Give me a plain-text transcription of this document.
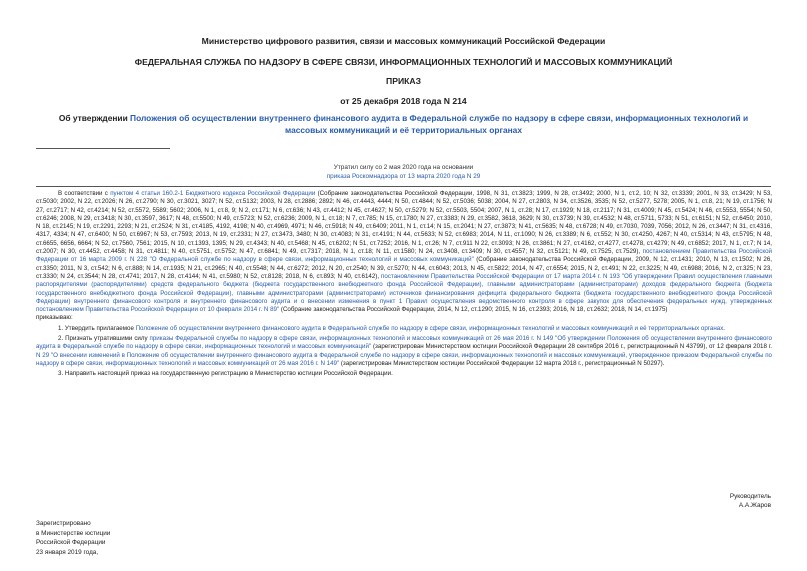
Министерство цифрового развития, связи и массовых коммуникаций Российской Федерации
ФЕДЕРАЛЬНАЯ СЛУЖБА ПО НАДЗОРУ В СФЕРЕ СВЯЗИ, ИНФОРМАЦИОННЫХ ТЕХНОЛОГИЙ И МАССОВЫХ КОММУНИКАЦИЙ
ПРИКАЗ
от 25 декабря 2018 года N 214
Об утверждении Положения об осуществлении внутреннего финансового аудита в Федеральной службе по надзору в сфере связи, информационных технологий и массовых коммуникаций и её территориальных органах
Утратил силу со 2 мая 2020 года на основании
приказа Роскомнадзора от 13 марта 2020 года N 29

В соответствии с пунктом 4 статьи 160.2-1 Бюджетного кодекса Российской Федерации (Собрание законодательства Российской Федерации, 1998, N 31, ст.3823; 1999, N 28, ст.3492; 2000, N 1, ст.2, 10; N 32, ст.3339; 2001, N 33, ст.3429; N 53, ст.5030; 2002, N 22, ст.2026; N 26, ст.2790; N 30, ст.3021, 3027; N 52, ст.5132; 2003, N 28, ст.2886; 2892; N 46, ст.4443, 4444; N 50, ст.4844; N 52, ст.5036; 5038; 2004, N 27, ст.2803, N 34, ст.3526, 3535; N 52, ст.5277, 5278; 2005, N 1, ст.8, 21; N 19, ст.1756; N 27, ст.2717; N 42, ст.4214; N 52, ст.5572, 5589; 5602; 2006, N 1, ст.8, 9; N 2, ст.171; N 6, ст.636; N 43, ст.4412; N 45, ст.4627; N 50, ст.5279; N 52, ст.5503, 5504; 2007, N 1, ст.28; N 17, ст.1929; N 18, ст.2117; N 31, ст.4009; N 45, ст.5424; N 46, ст.5553, 5554; N 50, ст.6246; 2008, N 29, ст.3418; N 30, ст.3597, 3617; N 48, ст.5500; N 49, ст.5723; N 52, ст.6236; 2009, N 1, ст.18; N 7, ст.785; N 15, ст.1780; N 27, ст.3383; N 29, ст.3582, 3618, 3629; N 30, ст.3739; N 39, ст.4532; N 48, ст.5711, 5733; N 51, ст.6151; N 52, ст.6450; 2010, N 18, ст.2145; N 19, ст.2291, 2293; N 21, ст.2524; N 31, ст.4185, 4192, 4198; N 40, ст.4969, 4971; N 46, ст.5918; N 49, ст.6409; 2011, N 1, ст.14; N 15, ст.2041; N 27, ст.3873; N 41, ст.5635; N 48, ст.6728; N 49, ст.7030, 7039, 7056; 2012, N 26, ст.3447; N 31, ст.4316, 4317, 4334; N 47, ст.6400; N 50, ст.6967; N 53, ст.7593; 2013, N 19, ст.2331; N 27, ст.3473, 3480; N 30, ст.4083; N 31, ст.4191; N 44, ст.5633; N 52, ст.6983; 2014, N 11, ст.1090; N 26, ст.3389; N 6, ст.552; N 30, ст.4250, 4267; N 40, ст.5314; N 43, ст.5795; N 48, ст.6655, 6656, 6664; N 52, ст.7560, 7561; 2015, N 10, ст.1393, 1395; N 29, ст.4343; N 40, ст.5468; N 45, ст.6202; N 51, ст.7252; 2016, N 1, ст.26; N 7, ст.911 N 22, ст.3093; N 26, ст.3861; N 27, ст.4162, ст.4277, ст.4278, ст.4279; N 49, ст.6852; 2017, N 1, ст.7; N 14, ст.2007; N 30, ст.4452, ст.4458; N 31, ст.4811; N 40, ст.5751, ст.5752; N 47, ст.6841; N 49, ст.7317; 2018, N 1, ст.18; N 11, ст.1580; N 24, ст.3408, ст.3409; N 30, ст.4557; N 32, ст.5121; N 49, ст.7525, ст.7529), постановлением Правительства Российской Федерации от 16 марта 2009 г. N 228 "О Федеральной службе по надзору в сфере связи, информационных технологий и массовых коммуникаций" (Собрание законодательства Российской Федерации, 2009, N 12, ст.1431; 2010, N 13, ст.1502; N 26, ст.3350; 2011, N 3, ст.542; N 6, ст.888; N 14, ст.1935; N 21, ст.2965; N 40, ст.5548; N 44, ст.6272; 2012, N 20, ст.2540; N 39, ст.5270; N 44, ст.6043; 2013, N 45, ст.5822; 2014, N 47, ст.6554; 2015, N 2, ст.491; N 22, ст.3225; N 49, ст.6988; 2016, N 2, ст.325; N 23, ст.3330; N 24, ст.3544; N 28, ст.4741; 2017, N 28, ст.4144; N 41, ст.5980; N 52, ст.8128; 2018, N 6, ст.893; N 40, ст.6142), постановлением Правительства Российской Федерации от 17 марта 2014 г. N 193 "Об утверждении Правил осуществления главными распорядителями (распорядителями) средств федерального бюджета (бюджета государственного внебюджетного фонда Российской Федерации), главными администраторами (администраторами) доходов федерального бюджета (бюджета государственного внебюджетного фонда Российской Федерации), главными администраторами (администраторами) источников финансирования дефицита федерального бюджета (бюджета государственного внебюджетного фонда Российской Федерации) внутреннего финансового контроля и внутреннего финансового аудита и о внесении изменения в пункт 1 Правил осуществления ведомственного контроля в сфере закупок для обеспечения федеральных нужд, утвержденных постановлением Правительства Российской Федерации от 10 февраля 2014 г. N 89" (Собрание законодательства Российской Федерации, 2014, N 12, ст.1290; 2015, N 16, ст.2393; 2016, N 18, ст.2632; 2018, N 14, ст.1975)

приказываю:

1. Утвердить прилагаемое Положение об осуществлении внутреннего финансового аудита в Федеральной службе по надзору в сфере связи, информационных технологий и массовых коммуникаций и её территориальных органах.

2. Признать утратившими силу приказы Федеральной службы по надзору в сфере связи, информационных технологий и массовых коммуникаций от 26 мая 2016 г. N 149 "Об утверждении Положения об осуществлении внутреннего финансового аудита в Федеральной службе по надзору в сфере связи, информационных технологий и массовых коммуникаций" (зарегистрирован Министерством юстиции Российской Федерации 28 сентября 2016 г., регистрационный N 43799), от 12 февраля 2018 г. N 29 "О внесении изменений в Положение об осуществлении внутреннего финансового аудита в Федеральной службе по надзору в сфере связи, информационных технологий и массовых коммуникаций, утвержденное приказом Федеральной службы по надзору в сфере связи, информационных технологий и массовых коммуникаций от 26 мая 2016 г. N 149" (зарегистрирован Министерством юстиции Российской Федерации 12 марта 2018 г., регистрационный N 50297).

3. Направить настоящий приказ на государственную регистрацию в Министерство юстиции Российской Федерации.

Руководитель
А.А.Жаров
Зарегистрировано
в Министерстве юстиции
Российской Федерации
23 января 2019 года,
